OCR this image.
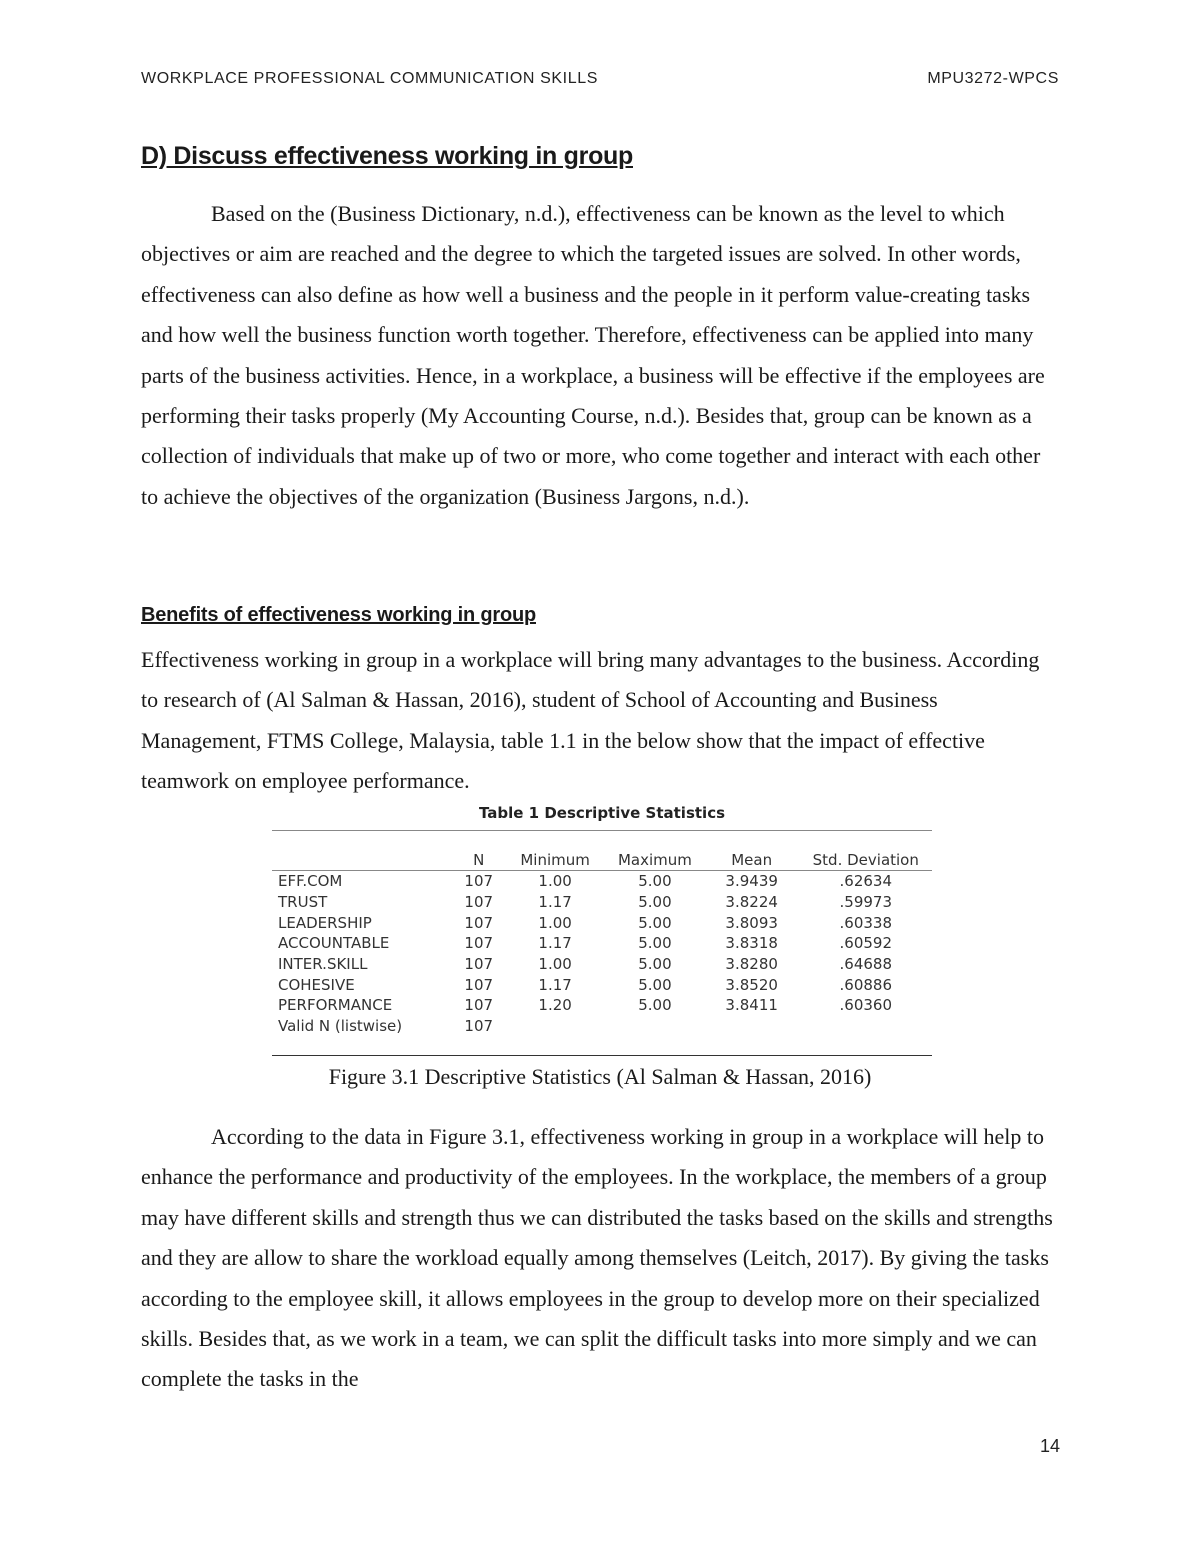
WORKPLACE PROFESSIONAL COMMUNICATION SKILLS	MPU3272-WPCS
D) Discuss effectiveness working in group

Based on the (Business Dictionary, n.d.), effectiveness can be known as the level to which objectives or aim are reached and the degree to which the targeted issues are solved. In other words, effectiveness can also define as how well a business and the people in it perform value-creating tasks and how well the business function worth together. Therefore, effectiveness can be applied into many parts of the business activities. Hence, in a workplace, a business will be effective if the employees are performing their tasks properly (My Accounting Course, n.d.). Besides that, group can be known as a collection of individuals that make up of two or more, who come together and interact with each other to achieve the objectives of the organization (Business Jargons, n.d.).

Benefits of effectiveness working in group

Effectiveness working in group in a workplace will bring many advantages to the business. According to research of (Al Salman & Hassan, 2016), student of School of Accounting and Business Management, FTMS College, Malaysia, table 1.1 in the below show that the impact of effective teamwork on employee performance.

Table 1 Descriptive Statistics
	N	Minimum	Maximum	Mean	Std. Deviation
EFF.COM	107	1.00	5.00	3.9439	.62634
TRUST	107	1.17	5.00	3.8224	.59973
LEADERSHIP	107	1.00	5.00	3.8093	.60338
ACCOUNTABLE	107	1.17	5.00	3.8318	.60592
INTER.SKILL	107	1.00	5.00	3.8280	.64688
COHESIVE	107	1.17	5.00	3.8520	.60886
PERFORMANCE	107	1.20	5.00	3.8411	.60360
Valid N (listwise)	107				
Figure 3.1 Descriptive Statistics (Al Salman & Hassan, 2016)

According to the data in Figure 3.1, effectiveness working in group in a workplace will help to enhance the performance and productivity of the employees. In the workplace, the members of a group may have different skills and strength thus we can distributed the tasks based on the skills and strengths and they are allow to share the workload equally among themselves (Leitch, 2017). By giving the tasks according to the employee skill, it allows employees in the group to develop more on their specialized skills. Besides that, as we work in a team, we can split the difficult tasks into more simply and we can complete the tasks in the

14
